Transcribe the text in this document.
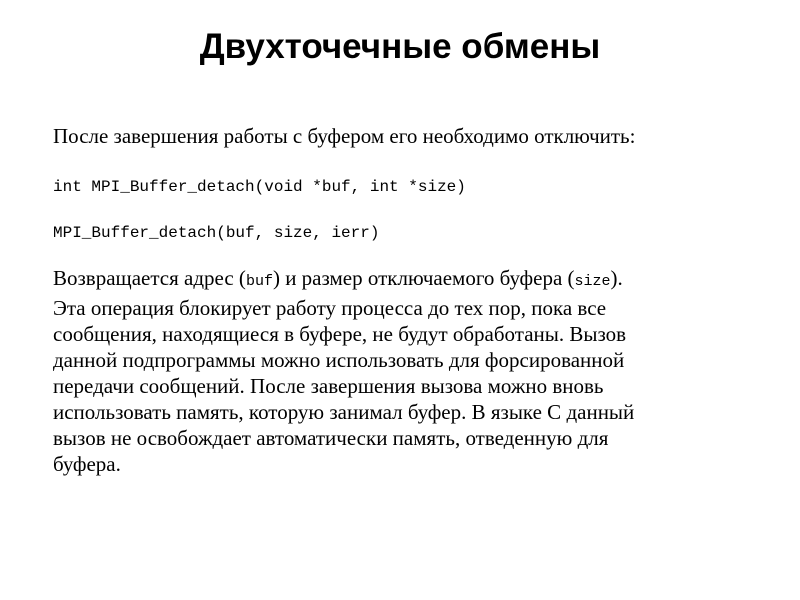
Двухточечные обмены

После завершения работы с буфером его необходимо отключить:

int MPI_Buffer_detach(void *buf, int *size)

MPI_Buffer_detach(buf, size, ierr)

Возвращается адрес (buf) и размер отключаемого буфера (size).
Эта операция блокирует работу процесса до тех пор, пока все
сообщения, находящиеся в буфере, не будут обработаны. Вызов
данной подпрограммы можно использовать для форсированной
передачи сообщений. После завершения вызова можно вновь
использовать память, которую занимал буфер. В языке C данный
вызов не освобождает автоматически память, отведенную для
буфера.
